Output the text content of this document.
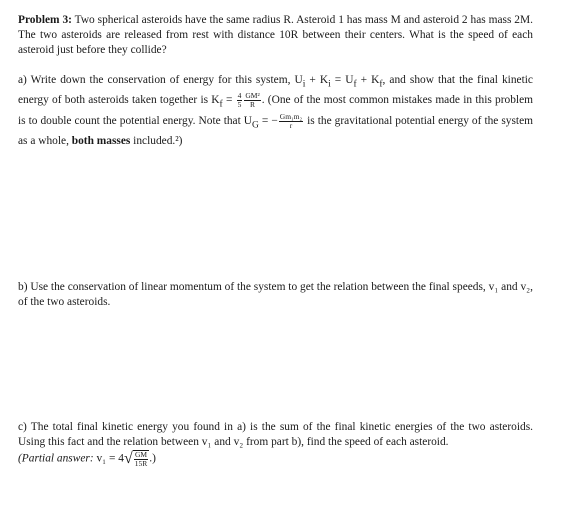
Problem 3: Two spherical asteroids have the same radius R. Asteroid 1 has mass M and asteroid 2 has mass 2M. The two asteroids are released from rest with distance 10R between their centers. What is the speed of each asteroid just before they collide?
a) Write down the conservation of energy for this system, $U_i + K_i = U_f + K_f$, and show that the final kinetic energy of both asteroids taken together is $K_f = \frac{4}{5} \frac{\text{GM²}}{R}$ . (One of the most common mistakes made in this problem is to double count the potential energy. Note that $U_G$ = − $\frac{\text{Gm₁m₂}}{r}$ is the gravitational potential energy of the system as a whole, both masses included.²)
b) Use the conservation of linear momentum of the system to get the relation between the final speeds, v₁ and v₂, of the two asteroids.
c) The total final kinetic energy you found in a) is the sum of the final kinetic energies of the two asteroids. Using this fact and the relation between v₁ and v₂ from part b), find the speed of each asteroid.
(Partial answer: $v_1 = 4√ \frac{GM}{15R}$ .)
